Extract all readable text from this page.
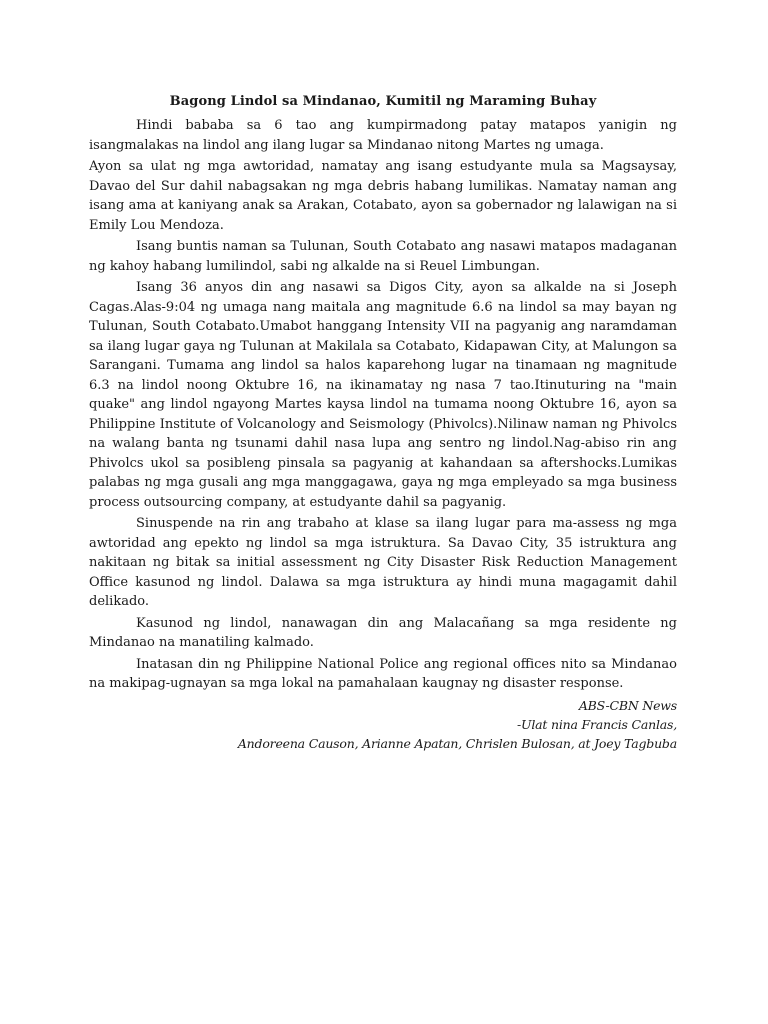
Bagong Lindol sa Mindanao, Kumitil ng Maraming Buhay

Hindi bababa sa 6 tao ang kumpirmadong patay matapos yanigin ng isangmalakas na lindol ang ilang lugar sa Mindanao nitong Martes ng umaga.

Ayon sa ulat ng mga awtoridad, namatay ang isang estudyante mula sa Magsaysay, Davao del Sur dahil nabagsakan ng mga debris habang lumilikas. Namatay naman ang isang ama at kaniyang anak sa Arakan, Cotabato, ayon sa gobernador ng lalawigan na si Emily Lou Mendoza.

Isang buntis naman sa Tulunan, South Cotabato ang nasawi matapos madaganan ng kahoy habang lumilindol, sabi ng alkalde na si Reuel Limbungan.

Isang 36 anyos din ang nasawi sa Digos City, ayon sa alkalde na si Joseph Cagas.Alas-9:04 ng umaga nang maitala ang magnitude 6.6 na lindol sa may bayan ng Tulunan, South Cotabato.Umabot hanggang Intensity VII na pagyanig ang naramdaman sa ilang lugar gaya ng Tulunan at Makilala sa Cotabato, Kidapawan City, at Malungon sa Sarangani. Tumama ang lindol sa halos kaparehong lugar na tinamaan ng magnitude 6.3 na lindol noong Oktubre 16, na ikinamatay ng nasa 7 tao.Itinuturing na "main quake" ang lindol ngayong Martes kaysa lindol na tumama noong Oktubre 16, ayon sa Philippine Institute of Volcanology and Seismology (Phivolcs).Nilinaw naman ng Phivolcs na walang banta ng tsunami dahil nasa lupa ang sentro ng lindol.Nag-abiso rin ang Phivolcs ukol sa posibleng pinsala sa pagyanig at kahandaan sa aftershocks.Lumikas palabas ng mga gusali ang mga manggagawa, gaya ng mga empleyado sa mga business process outsourcing company, at estudyante dahil sa pagyanig.

Sinuspende na rin ang trabaho at klase sa ilang lugar para ma-assess ng mga awtoridad ang epekto ng lindol sa mga istruktura. Sa Davao City, 35 istruktura ang nakitaan ng bitak sa initial assessment ng City Disaster Risk Reduction Management Office kasunod ng lindol. Dalawa sa mga istruktura ay hindi muna magagamit dahil delikado.

Kasunod ng lindol, nanawagan din ang Malacañang sa mga residente ng Mindanao na manatiling kalmado.

Inatasan din ng Philippine National Police ang regional offices nito sa Mindanao na makipag-ugnayan sa mga lokal na pamahalaan kaugnay ng disaster response.

ABS-CBN News

-Ulat nina Francis Canlas,

Andoreena Causon, Arianne Apatan, Chrislen Bulosan, at Joey Tagbuba
